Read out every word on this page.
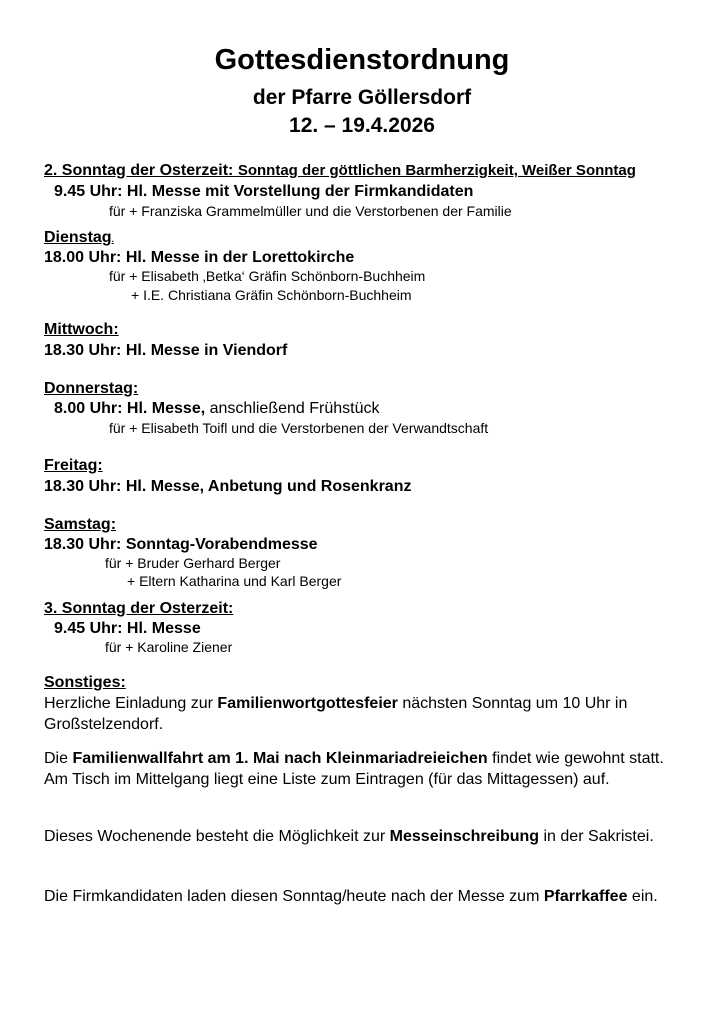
Gottesdienstordnung
der Pfarre Göllersdorf
12. – 19.4.2026
2. Sonntag der Osterzeit: Sonntag der göttlichen Barmherzigkeit, Weißer Sonntag
9.45 Uhr: Hl. Messe mit Vorstellung der Firmkandidaten
für + Franziska Grammelmüller und die Verstorbenen der Familie
Dienstag.
18.00 Uhr: Hl. Messe in der Lorettokirche
für + Elisabeth ‚Betka‘ Gräfin Schönborn-Buchheim
+ I.E. Christiana Gräfin Schönborn-Buchheim
Mittwoch:
18.30 Uhr: Hl. Messe in Viendorf
Donnerstag:
8.00 Uhr: Hl. Messe, anschließend Frühstück
für + Elisabeth Toifl und die Verstorbenen der Verwandtschaft
Freitag:
18.30 Uhr: Hl. Messe, Anbetung und Rosenkranz
Samstag:
18.30 Uhr: Sonntag-Vorabendmesse
für + Bruder Gerhard Berger
+ Eltern Katharina und Karl Berger
3. Sonntag der Osterzeit:
9.45 Uhr: Hl. Messe
für + Karoline Ziener
Sonstiges:
Herzliche Einladung zur Familienwortgottesfeier nächsten Sonntag um 10 Uhr in Großstelzendorf.
Die Familienwallfahrt am 1. Mai nach Kleinmariadreieichen findet wie gewohnt statt. Am Tisch im Mittelgang liegt eine Liste zum Eintragen (für das Mittagessen) auf.
Dieses Wochenende besteht die Möglichkeit zur Messeinschreibung in der Sakristei.
Die Firmkandidaten laden diesen Sonntag/heute nach der Messe zum Pfarrkaffee ein.
